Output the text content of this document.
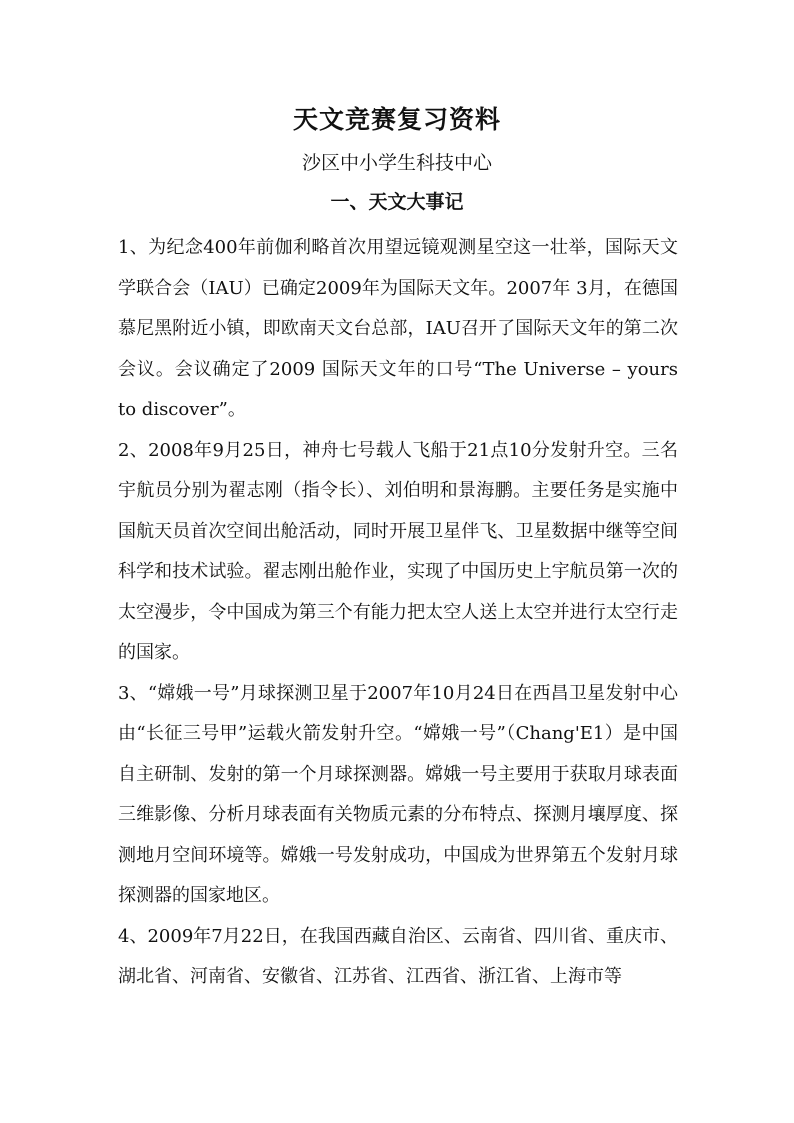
天文竞赛复习资料
沙区中小学生科技中心
一、天文大事记

1、为纪念400年前伽利略首次用望远镜观测星空这一壮举，国际天文学联合会（IAU）已确定2009年为国际天文年。2007年 3月，在德国慕尼黑附近小镇，即欧南天文台总部，IAU召开了国际天文年的第二次会议。会议确定了2009 国际天文年的口号“The Universe – yours to discover”。

2、2008年9月25日，神舟七号载人飞船于21点10分发射升空。三名宇航员分别为翟志刚（指令长）、刘伯明和景海鹏。主要任务是实施中国航天员首次空间出舱活动，同时开展卫星伴飞、卫星数据中继等空间科学和技术试验。翟志刚出舱作业，实现了中国历史上宇航员第一次的太空漫步，令中国成为第三个有能力把太空人送上太空并进行太空行走的国家。

3、“嫦娥一号”月球探测卫星于2007年10月24日在西昌卫星发射中心由“长征三号甲”运载火箭发射升空。“嫦娥一号”（Chang'E1）是中国自主研制、发射的第一个月球探测器。嫦娥一号主要用于获取月球表面三维影像、分析月球表面有关物质元素的分布特点、探测月壤厚度、探测地月空间环境等。嫦娥一号发射成功，中国成为世界第五个发射月球探测器的国家地区。

4、2009年7月22日，在我国西藏自治区、云南省、四川省、重庆市、湖北省、河南省、安徽省、江苏省、江西省、浙江省、上海市等
